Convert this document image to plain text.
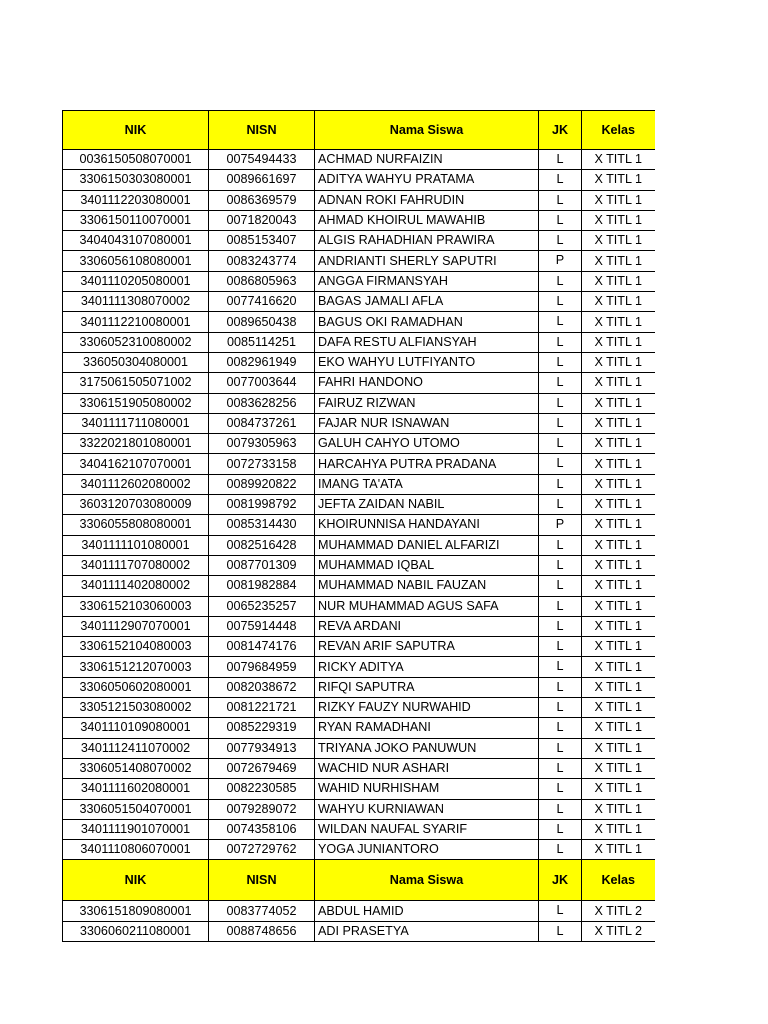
NIK	NISN	Nama Siswa	JK	Kelas
0036150508070001	0075494433	ACHMAD NURFAIZIN	L	X TITL 1
3306150303080001	0089661697	ADITYA WAHYU PRATAMA	L	X TITL 1
3401112203080001	0086369579	ADNAN ROKI FAHRUDIN	L	X TITL 1
3306150110070001	0071820043	AHMAD KHOIRUL MAWAHIB	L	X TITL 1
3404043107080001	0085153407	ALGIS RAHADHIAN PRAWIRA	L	X TITL 1
3306056108080001	0083243774	ANDRIANTI SHERLY SAPUTRI	P	X TITL 1
3401110205080001	0086805963	ANGGA FIRMANSYAH	L	X TITL 1
3401111308070002	0077416620	BAGAS JAMALI AFLA	L	X TITL 1
3401112210080001	0089650438	BAGUS OKI RAMADHAN	L	X TITL 1
3306052310080002	0085114251	DAFA RESTU ALFIANSYAH	L	X TITL 1
336050304080001	0082961949	EKO WAHYU LUTFIYANTO	L	X TITL 1
3175061505071002	0077003644	FAHRI HANDONO	L	X TITL 1
3306151905080002	0083628256	FAIRUZ RIZWAN	L	X TITL 1
3401111711080001	0084737261	FAJAR NUR ISNAWAN	L	X TITL 1
3322021801080001	0079305963	GALUH CAHYO UTOMO	L	X TITL 1
3404162107070001	0072733158	HARCAHYA PUTRA PRADANA	L	X TITL 1
3401112602080002	0089920822	IMANG TA'ATA	L	X TITL 1
3603120703080009	0081998792	JEFTA ZAIDAN NABIL	L	X TITL 1
3306055808080001	0085314430	KHOIRUNNISA HANDAYANI	P	X TITL 1
3401111101080001	0082516428	MUHAMMAD DANIEL ALFARIZI	L	X TITL 1
3401111707080002	0087701309	MUHAMMAD IQBAL	L	X TITL 1
3401111402080002	0081982884	MUHAMMAD NABIL FAUZAN	L	X TITL 1
3306152103060003	0065235257	NUR MUHAMMAD AGUS SAFA	L	X TITL 1
3401112907070001	0075914448	REVA ARDANI	L	X TITL 1
3306152104080003	0081474176	REVAN ARIF SAPUTRA	L	X TITL 1
3306151212070003	0079684959	RICKY ADITYA	L	X TITL 1
3306050602080001	0082038672	RIFQI SAPUTRA	L	X TITL 1
3305121503080002	0081221721	RIZKY FAUZY NURWAHID	L	X TITL 1
3401110109080001	0085229319	RYAN RAMADHANI	L	X TITL 1
3401112411070002	0077934913	TRIYANA JOKO PANUWUN	L	X TITL 1
3306051408070002	0072679469	WACHID NUR ASHARI	L	X TITL 1
3401111602080001	0082230585	WAHID NURHISHAM	L	X TITL 1
3306051504070001	0079289072	WAHYU KURNIAWAN	L	X TITL 1
3401111901070001	0074358106	WILDAN NAUFAL SYARIF	L	X TITL 1
3401110806070001	0072729762	YOGA JUNIANTORO	L	X TITL 1
NIK	NISN	Nama Siswa	JK	Kelas
3306151809080001	0083774052	ABDUL HAMID	L	X TITL 2
3306060211080001	0088748656	ADI PRASETYA	L	X TITL 2
